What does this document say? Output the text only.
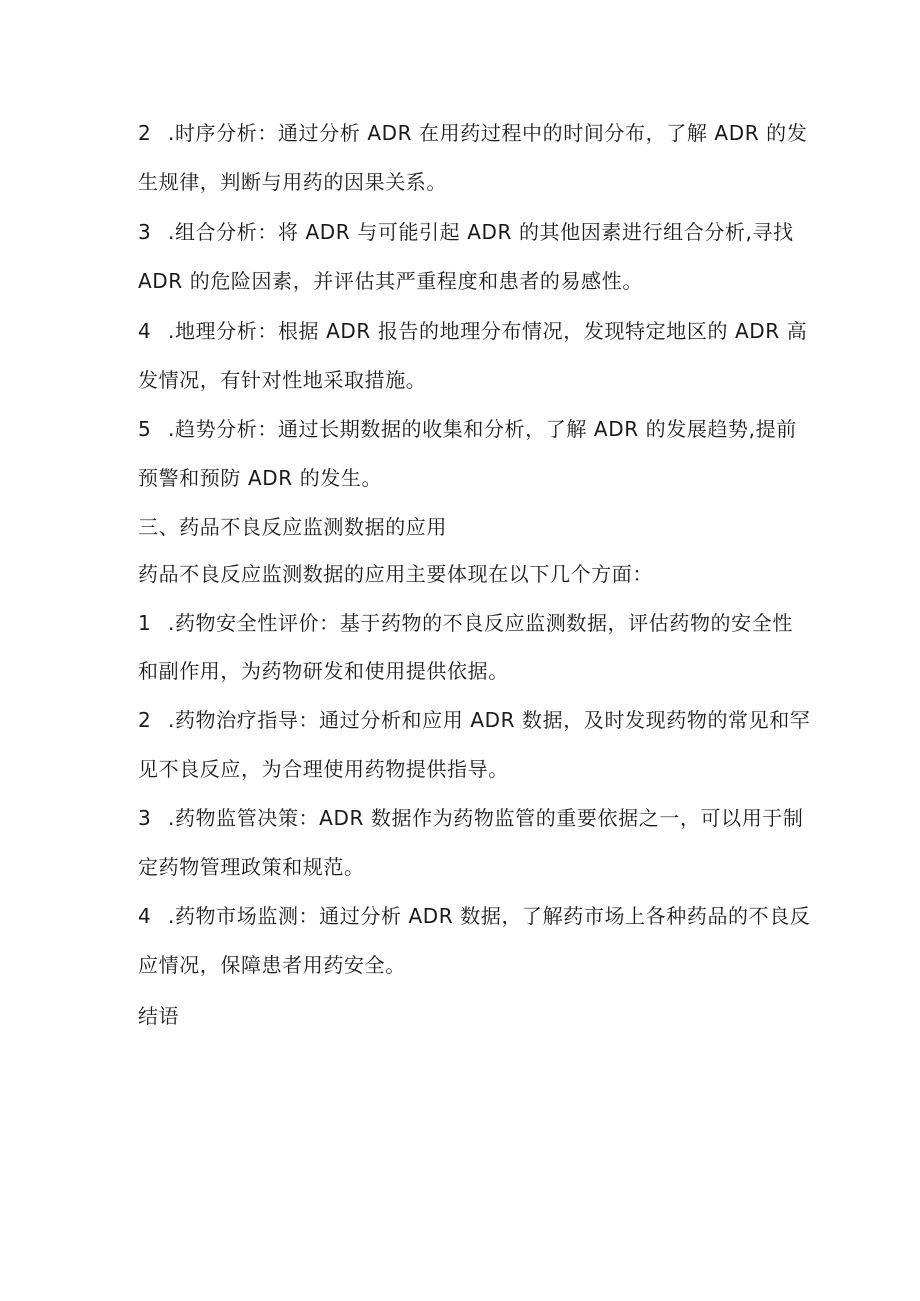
2 .时序分析：通过分析 ADR 在用药过程中的时间分布，了解 ADR 的发
生规律，判断与用药的因果关系。
3 .组合分析：将 ADR 与可能引起 ADR 的其他因素进行组合分析,寻找
ADR 的危险因素，并评估其严重程度和患者的易感性。
4 .地理分析：根据 ADR 报告的地理分布情况，发现特定地区的 ADR 高
发情况，有针对性地采取措施。
5 .趋势分析：通过长期数据的收集和分析，了解 ADR 的发展趋势,提前
预警和预防 ADR 的发生。
三、药品不良反应监测数据的应用
药品不良反应监测数据的应用主要体现在以下几个方面：
1 .药物安全性评价：基于药物的不良反应监测数据，评估药物的安全性
和副作用，为药物研发和使用提供依据。
2 .药物治疗指导：通过分析和应用 ADR 数据，及时发现药物的常见和罕
见不良反应，为合理使用药物提供指导。
3 .药物监管决策：ADR 数据作为药物监管的重要依据之一，可以用于制
定药物管理政策和规范。
4 .药物市场监测：通过分析 ADR 数据，了解药市场上各种药品的不良反
应情况，保障患者用药安全。
结语
